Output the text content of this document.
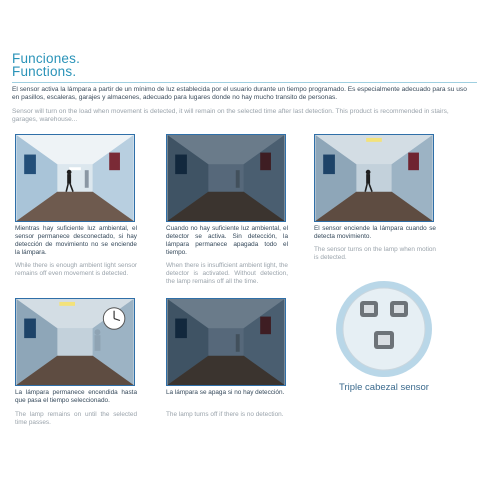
Funciones.
Functions.
El sensor activa la lámpara a partir de un mínimo de luz establecida por el usuario durante un tiempo programado. Es especialmente adecuado para su uso en pasillos, escaleras, garajes y almacenes, adecuado para lugares donde no hay mucho transito de personas.
Sensor will turn on the load when movement is detected, it will remain on the selected time after last detection. This product is recommended in stairs, garages, warehouse...
Mientras hay suficiente luz ambiental, el sensor permanece desconectado, si hay detección de movimiento no se enciende la lámpara.
While there is enough ambient light sensor remains off even movement is detected.
Cuando no hay suficiente luz ambiental, el detector se activa. Sin detección, la lámpara permanece apagada todo el tiempo.
When there is insufficient ambient light, the detector is activated. Without detection, the lamp remains off all the time.
El sensor enciende la lámpara cuando se detecta movimiento.
The sensor turns on the lamp when motion is detected.
La lámpara permanece encendida hasta que pasa el tiempo seleccionado.
The lamp remains on until the selected time passes.
La lámpara se apaga si no hay detección.
The lamp turns off if there is no detection.
Triple cabezal sensor
